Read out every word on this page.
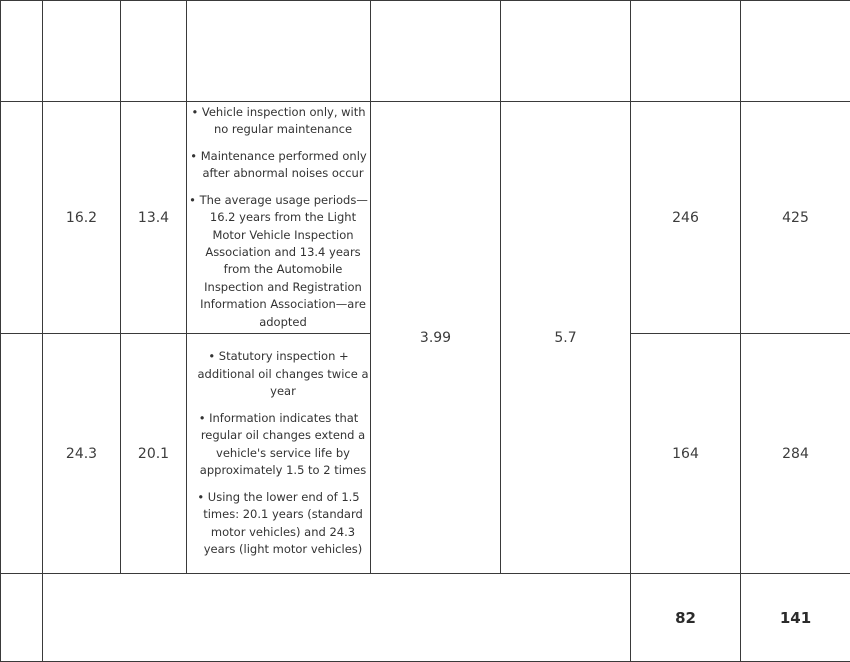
Scenario	Vehicle
lifespan
(light motor
vehicle)	Vehicle
lifespan
(Standard
motor
vehicle)	Explain	GHG emissions
during manufacturing
per unit
(light motor vehicle,
t-CO₂/unit)	GHG emissions
during manufacturing
per unit
(standard motor
vehicle, t-CO₂/unit)	Annual GHG
emissions during
manufacturing
(light motor
vehicle,
kg-CO₂/year)	Annual GHG
emissions during
manufacturing
(standard motor
vehicle,
kg-CO₂/year)

Vehicle inspection only	16.2	13.4	• Vehicle inspection only, with no regular maintenance

• Maintenance performed only after abnormal noises occur

• The average usage periods—16.2 years from the Light Motor Vehicle Inspection Association and 13.4 years from the Automobile Inspection and Registration Information Association—are adopted	3.99	5.7	246	425

Twice-yearly oil change schedule	24.3	20.1	• Statutory inspection + additional oil changes twice a year

• Information indicates that regular oil changes extend a vehicle's service life by approximately 1.5 to 2 times

• Using the lower end of 1.5 times: 20.1 years (standard motor vehicles) and 24.3 years (light motor vehicles)			164	284

Contribution
Amount						82	141
